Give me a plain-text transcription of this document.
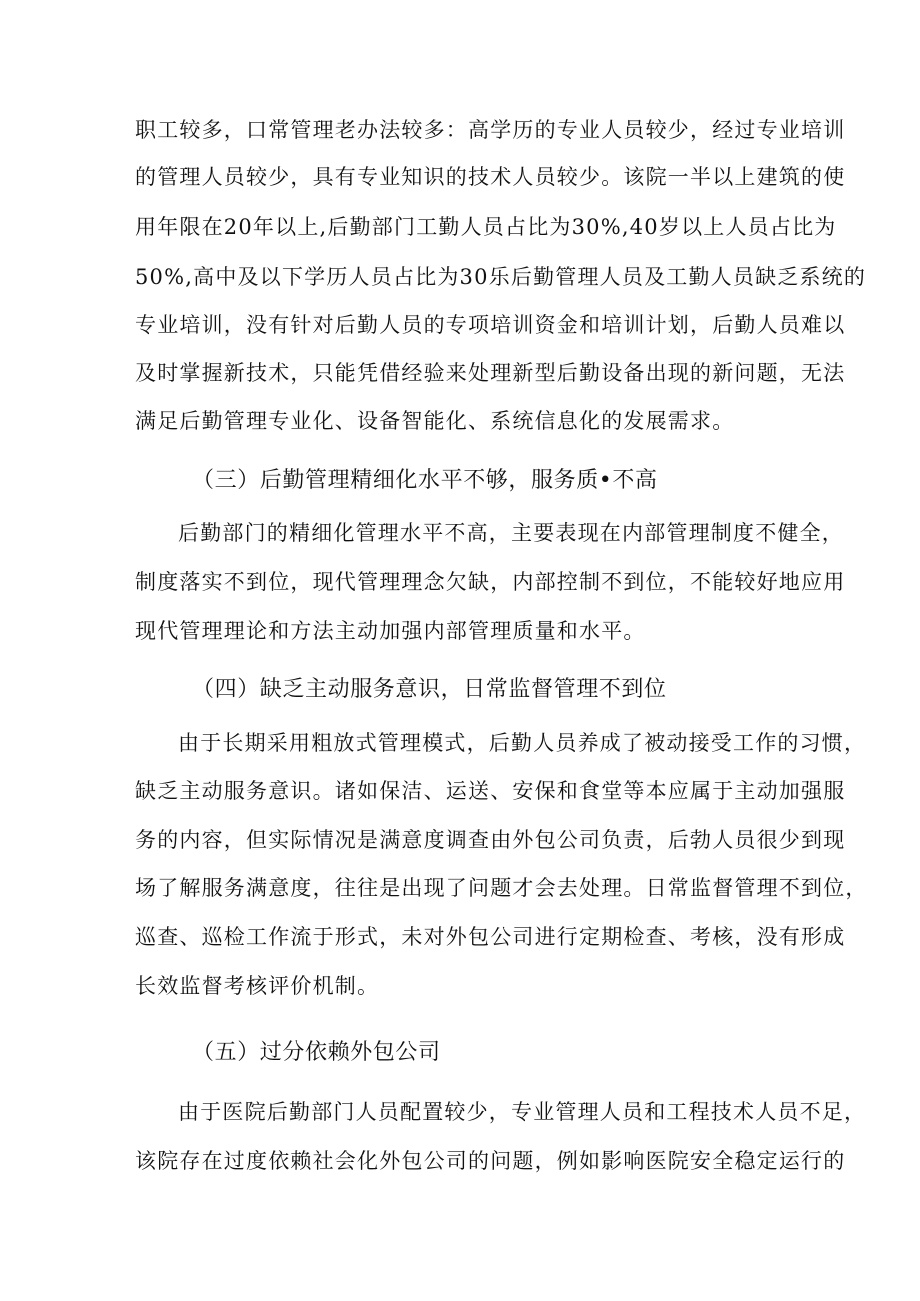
职工较多，口常管理老办法较多：高学历的专业人员较少，经过专业培训
的管理人员较少，具有专业知识的技术人员较少。该院一半以上建筑的使
用年限在20年以上,后勤部门工勤人员占比为30%,40岁以上人员占比为
50%,高中及以下学历人员占比为30乐后勤管理人员及工勤人员缺乏系统的
专业培训，没有针对后勤人员的专项培训资金和培训计划，后勤人员难以
及时掌握新技术，只能凭借经验来处理新型后勤设备出现的新问题，无法
满足后勤管理专业化、设备智能化、系统信息化的发展需求。
（三）后勤管理精细化水平不够，服务质•不高
后勤部门的精细化管理水平不高，主要表现在内部管理制度不健全，
制度落实不到位，现代管理理念欠缺，内部控制不到位，不能较好地应用
现代管理理论和方法主动加强内部管理质量和水平。
（四）缺乏主动服务意识，日常监督管理不到位
由于长期采用粗放式管理模式，后勤人员养成了被动接受工作的习惯，
缺乏主动服务意识。诸如保洁、运送、安保和食堂等本应属于主动加强服
务的内容，但实际情况是满意度调查由外包公司负责，后勃人员很少到现
场了解服务满意度，往往是出现了问题才会去处理。日常监督管理不到位，
巡查、巡检工作流于形式，未对外包公司进行定期检查、考核，没有形成
长效监督考核评价机制。
（五）过分依赖外包公司
由于医院后勤部门人员配置较少，专业管理人员和工程技术人员不足，
该院存在过度依赖社会化外包公司的问题，例如影响医院安全稳定运行的
